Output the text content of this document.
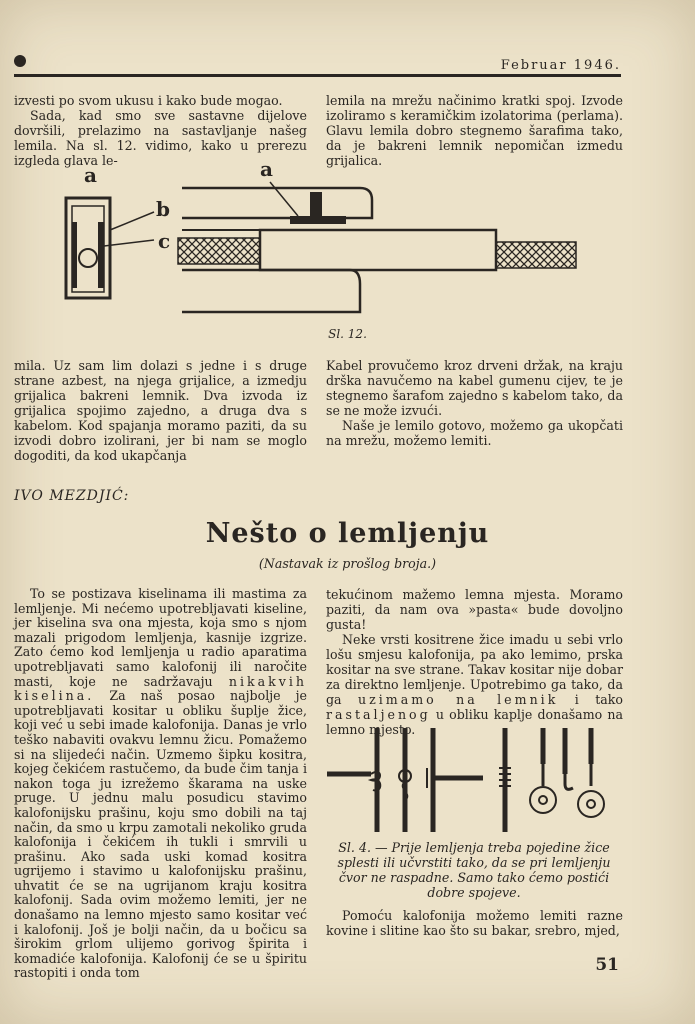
Februar 1946.

izvesti po svom ukusu i kako bude mogao.

Sada, kad smo sve sastavne dijelove dovršili, prelazimo na sastavljanje našeg lemila. Na sl. 12. vidimo, kako u prerezu izgleda glava le-

lemila na mrežu načinimo kratki spoj. Izvode izoliramo s keramičkim izolatorima (perlama). Glavu lemila dobro stegnemo šarafima tako, da je bakreni lemnik nepomičan izmedu grijalica.

a
b
c
a
Sl. 12.

mila. Uz sam lim dolazi s jedne i s druge strane azbest, na njega grijalice, a izmedju grijalica bakreni lemnik. Dva izvoda iz grijalica spojimo zajedno, a druga dva s kabelom. Kod spajanja moramo paziti, da su izvodi dobro izolirani, jer bi nam se moglo dogoditi, da kod ukapčanja

Kabel provučemo kroz drveni držak, na kraju drška navučemo na kabel gumenu cijev, te je stegnemo šarafom zajedno s kabelom tako, da se ne može izvući.

Naše je lemilo gotovo, možemo ga ukopčati na mrežu, možemo lemiti.

IVO MEZDJIĆ:
Nešto o lemljenju
(Nastavak iz prošlog broja.)

To se postizava kiselinama ili mastima za lemljenje. Mi nećemo upotrebljavati kiseline, jer kiselina sva ona mjesta, koja smo s njom mazali prigodom lemljenja, kasnije izgrize. Zato ćemo kod lemljenja u radio aparatima upotrebljavati samo kalofonij ili naročite masti, koje ne sadržavaju nikakvih kiselina. Za naš posao najbolje je upotrebljavati kositar u obliku šuplje žice, koji već u sebi imade kalofonija. Danas je vrlo teško nabaviti ovakvu lemnu žicu. Pomažemo si na slijedeći način. Uzmemo šipku kositra, kojeg čekićem rastučemo, da bude čim tanja i nakon toga ju izrežemo škarama na uske pruge. U jednu malu posudicu stavimo kalofonijsku prašinu, koju smo dobili na taj način, da smo u krpu zamotali nekoliko gruda kalofonija i čekićem ih tukli i smrvili u prašinu. Ako sada uski komad kositra ugrijemo i stavimo u kalofonijsku prašinu, uhvatit će se na ugrijanom kraju kositra kalofonij. Sada ovim možemo lemiti, jer ne donašamo na lemno mjesto samo kositar već i kalofonij. Još je bolji način, da u bočicu sa širokim grlom ulijemo gorivog špirita i komadiće kalofonija. Kalofonij će se u špiritu rastopiti i onda tom

tekućinom mažemo lemna mjesta. Moramo paziti, da nam ova »pasta« bude dovoljno gusta!

Neke vrsti kositrene žice imadu u sebi vrlo lošu smjesu kalofonija, pa ako lemimo, prska kositar na sve strane. Takav kositar nije dobar za direktno lemljenje. Upotrebimo ga tako, da ga uzimamo na lemnik i tako rastaljenog u obliku kaplje donašamo na lemno mjesto.

Sl. 4. — Prije lemljenja treba pojedine žice splesti ili učvrstiti tako, da se pri lemljenju čvor ne raspadne. Samo tako ćemo postići dobre spojeve.

Pomoću kalofonija možemo lemiti razne kovine i slitine kao što su bakar, srebro, mjed,

51
